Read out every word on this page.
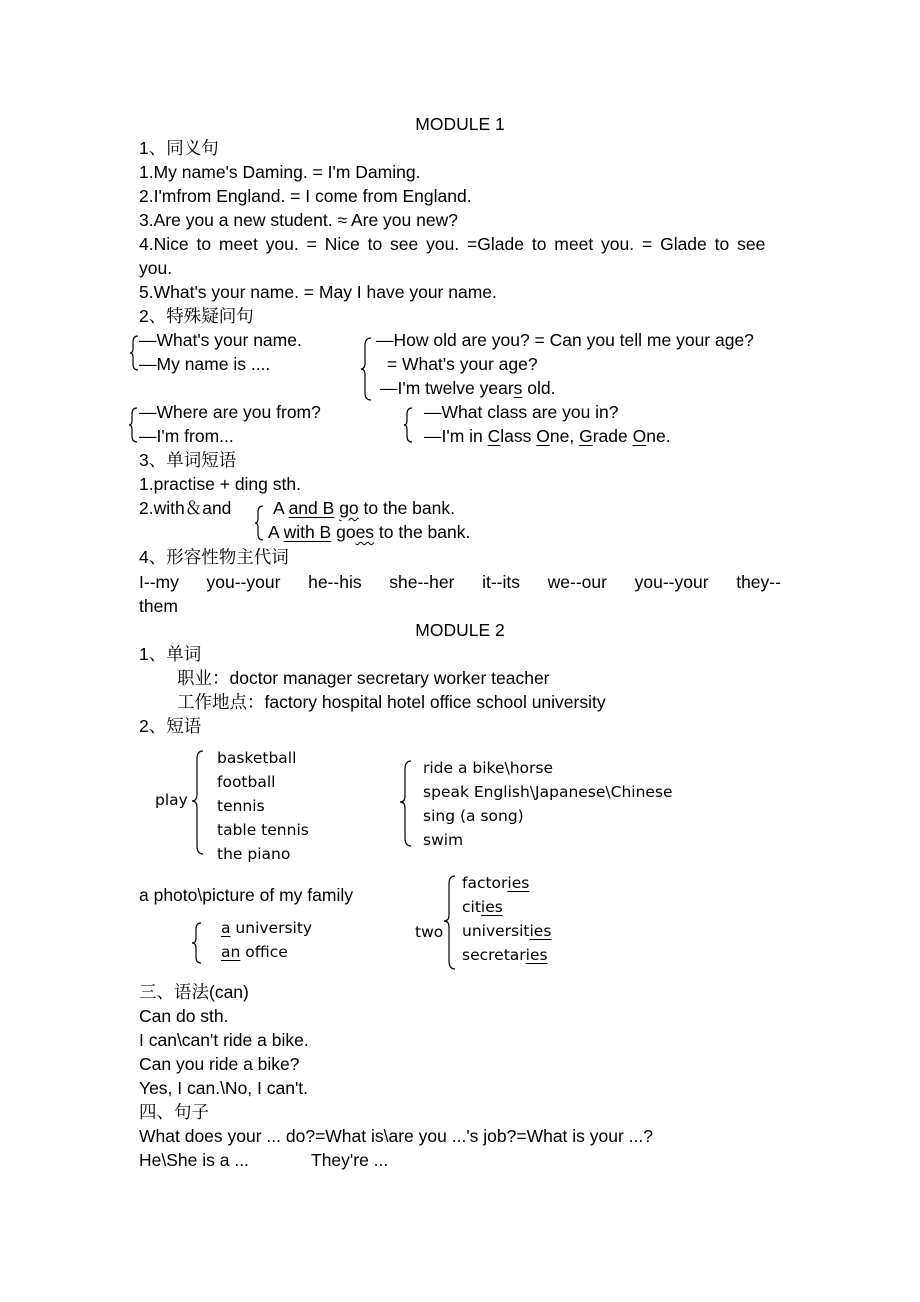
MODULE 1
1、同义句
1.My name's Daming. = I'm Daming.
2.I'mfrom England. = I come from England.
3.Are you a new student. ≈ Are you new?
4.Nice to meet you. = Nice to see you. =Glade to meet you. = Glade to see
you.
5.What's your name. = May I have your name.
2、特殊疑问句
—What's your name.
—My name is ....
—How old are you? = Can you tell me your age?
= What's your age?
—I'm twelve years old.
—Where are you from?
—I'm from...
—What class are you in?
—I'm in Class One, Grade One.
3、单词短语
1.practise + ding sth.
2.with＆and A and B go to the bank.
A with B goes to the bank.
4、形容性物主代词
I--my you--your he--his she--her it--its we--our you--your they--
them
MODULE 2
1、单词
职业：doctor manager secretary worker teacher
工作地点：factory hospital hotel office school university
2、短语
play
basketball
football
tennis
table tennis
the piano
ride a bike\horse
speak English\Japanese\Chinese
sing (a song)
swim
a photo\picture of my family
a university
an office
two
factories
cities
universities
secretaries
三、语法(can)
Can do sth.
I can\can't ride a bike.
Can you ride a bike?
Yes, I can.\No, I can't.
四、句子
What does your ... do?=What is\are you ...'s job?=What is your ...?
He\She is a ...	They're ...
